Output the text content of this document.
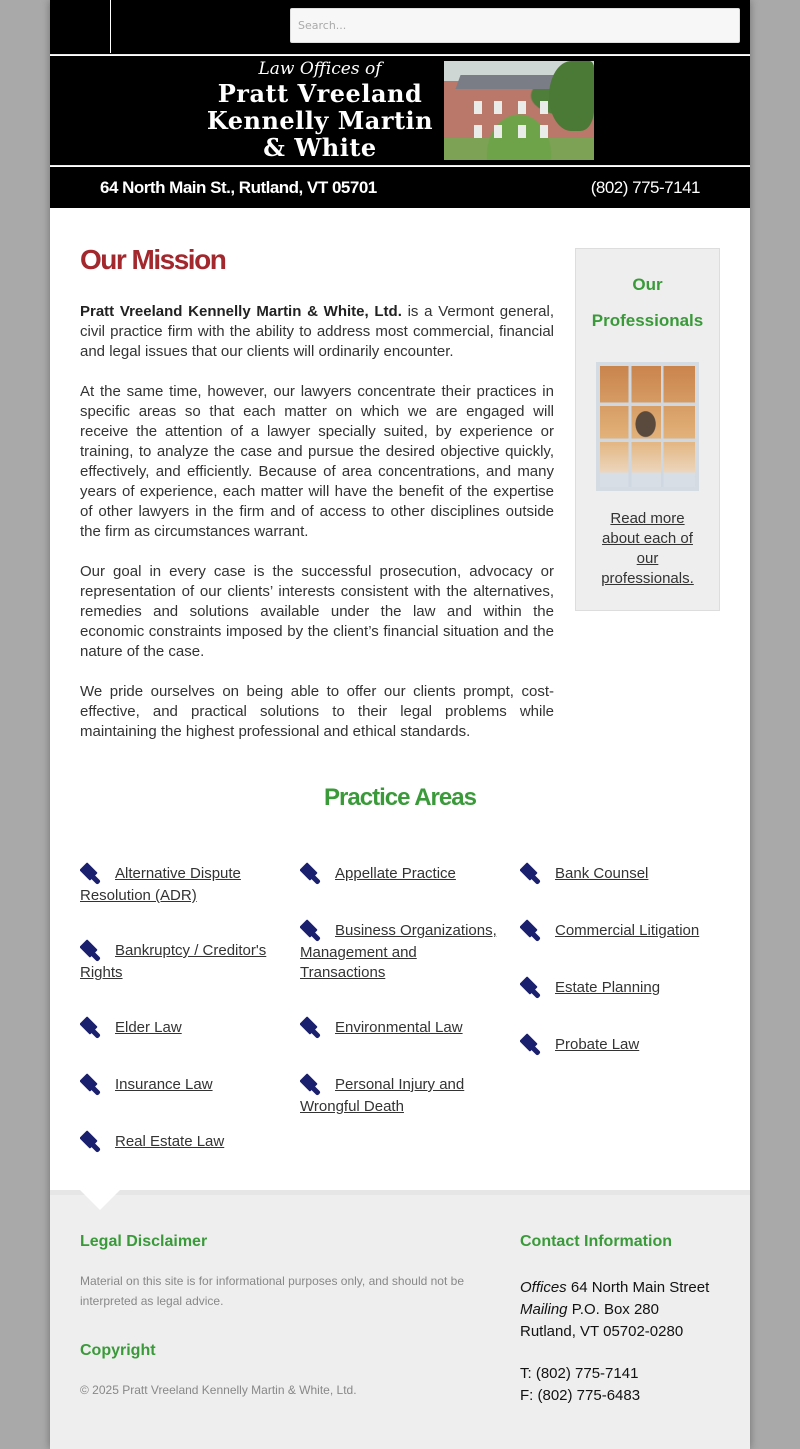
Search...
Law Offices of
Pratt Vreeland
Kennelly Martin
& White
64 North Main St., Rutland, VT 05701	(802) 775-7141
Our Mission

Pratt Vreeland Kennelly Martin & White, Ltd. is a Vermont general, civil practice firm with the ability to address most commercial, financial and legal issues that our clients will ordinarily encounter.

At the same time, however, our lawyers concentrate their practices in specific areas so that each matter on which we are engaged will receive the attention of a lawyer specially suited, by experience or training, to analyze the case and pursue the desired objective quickly, effectively, and efficiently. Because of area concentrations, and many years of experience, each matter will have the benefit of the expertise of other lawyers in the firm and of access to other disciplines outside the firm as circumstances warrant.

Our goal in every case is the successful prosecution, advocacy or representation of our clients’ interests consistent with the alternatives, remedies and solutions available under the law and within the economic constraints imposed by the client’s financial situation and the nature of the case.

We pride ourselves on being able to offer our clients prompt, cost-effective, and practical solutions to their legal problems while maintaining the highest professional and ethical standards.

Our
Professionals
Read more about each of our professionals.
Practice Areas
Alternative Dispute Resolution (ADR)
Bankruptcy / Creditor's Rights
Elder Law
Insurance Law
Real Estate Law
Appellate Practice
Business Organizations, Management and Transactions
Environmental Law
Personal Injury and Wrongful Death
Bank Counsel
Commercial Litigation
Estate Planning
Probate Law
Legal Disclaimer

Material on this site is for informational purposes only, and should not be interpreted as legal advice.

Copyright

© 2025 Pratt Vreeland Kennelly Martin & White, Ltd.

Contact Information
Offices 64 North Main Street
Mailing P.O. Box 280
Rutland, VT 05702-0280
T: (802) 775-7141
F: (802) 775-6483
